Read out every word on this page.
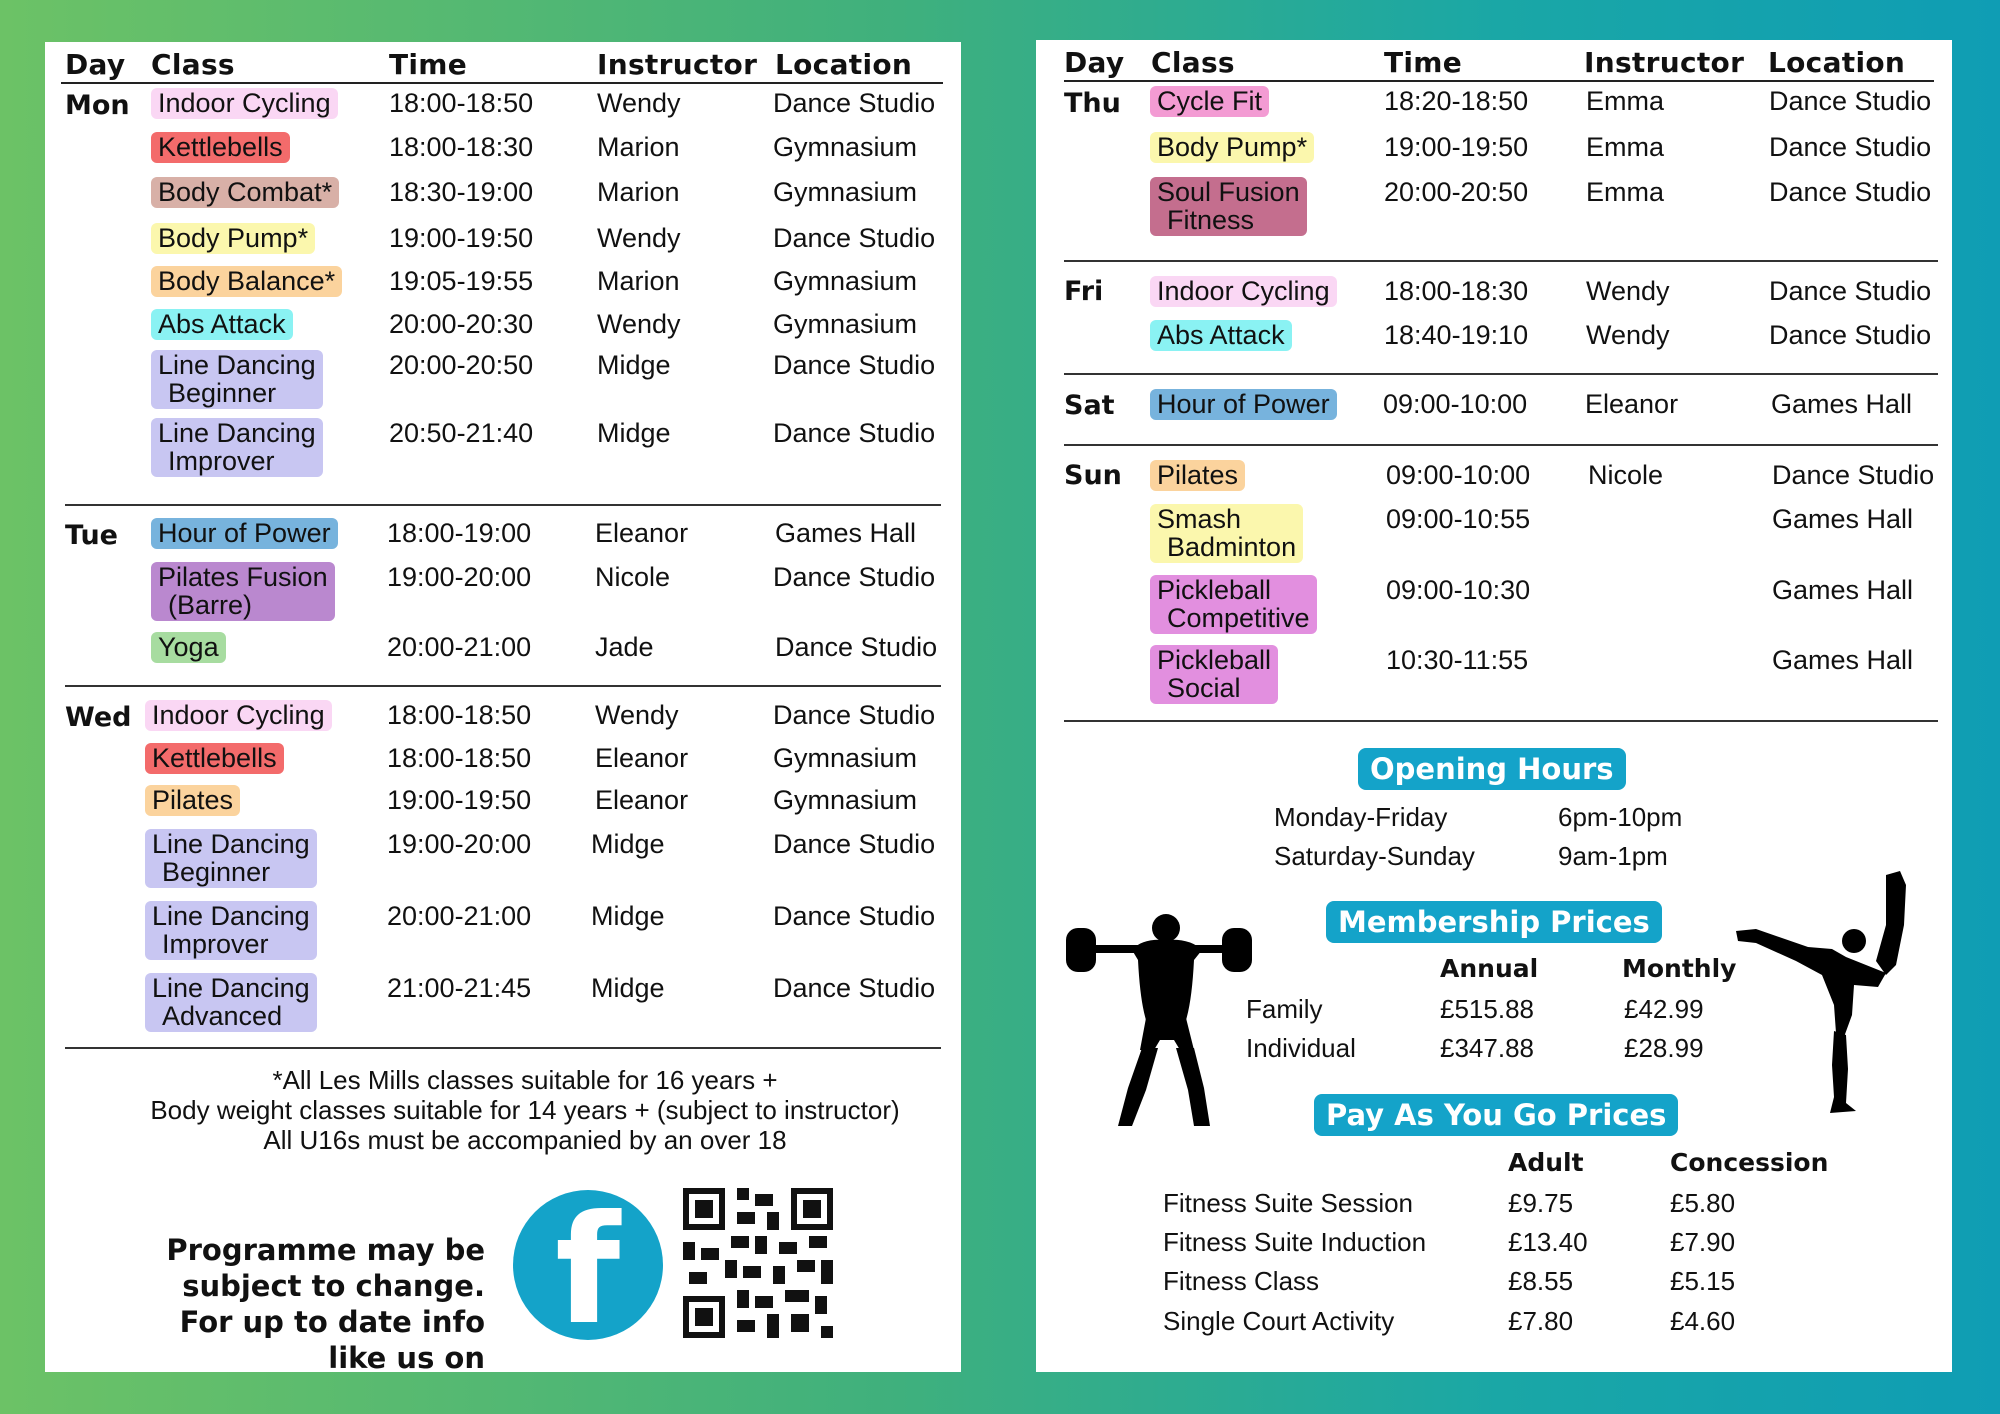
Day Class	Time	Instructor Location
Mon Indoor Cycling 18:00-18:50 Wendy	Dance Studio
Kettlebells	18:00-18:30 Marion	Gymnasium
Body Combat* 18:30-19:00 Marion	Gymnasium
Body Pump*	19:00-19:50 Wendy	Dance Studio
Body Balance* 19:05-19:55 Marion	Gymnasium
Abs Attack	20:00-20:30 Wendy	Gymnasium
Line Dancing
Beginner
20:00-20:50 Midge	Dance Studio
Line Dancing
Improver
20:50-21:40 Midge	Dance Studio
Tue Hour of Power 18:00-19:00 Eleanor	Games Hall
Pilates Fusion
(Barre)
19:00-20:00 Nicole	Dance Studio
Yoga	20:00-21:00 Jade	Dance Studio
Wed Indoor Cycling 18:00-18:50 Wendy	Dance Studio
Kettlebells	18:00-18:50 Eleanor	Gymnasium
Pilates	19:00-19:50 Eleanor	Gymnasium
Line Dancing
Beginner
19:00-20:00 Midge	Dance Studio
Line Dancing
Improver
20:00-21:00 Midge	Dance Studio
Line Dancing
Advanced
21:00-21:45 Midge	Dance Studio
*All Les Mills classes suitable for 16 years +
Body weight classes suitable for 14 years + (subject to instructor)
All U16s must be accompanied by an over 18
Programme may be
subject to change.
For up to date info
like us on f
Day Class	Time	Instructor Location
Thu Cycle Fit	18:20-18:50 Emma	Dance Studio
Body Pump*	19:00-19:50 Emma	Dance Studio
Soul Fusion
Fitness
20:00-20:50 Emma	Dance Studio
Fri Indoor Cycling 18:00-18:30 Wendy	Dance Studio
Abs Attack	18:40-19:10 Wendy	Dance Studio
Sat Hour of Power 09:00-10:00 Eleanor	Games Hall
Sun Pilates	09:00-10:00 Nicole	Dance Studio
Smash
Badminton
09:00-10:55	Games Hall
Pickleball
Competitive
09:00-10:30	Games Hall
Pickleball
Social
10:30-11:55	Games Hall
Opening Hours
Monday-Friday	6pm-10pm
Saturday-Sunday	9am-1pm
Membership Prices
Annual	Monthly
Family	£515.88	£42.99
Individual	£347.88	£28.99
Pay As You Go Prices
Adult	Concession
Fitness Suite Session	£9.75	£5.80
Fitness Suite Induction	£13.40	£7.90
Fitness Class	£8.55	£5.15
Single Court Activity	£7.80	£4.60
